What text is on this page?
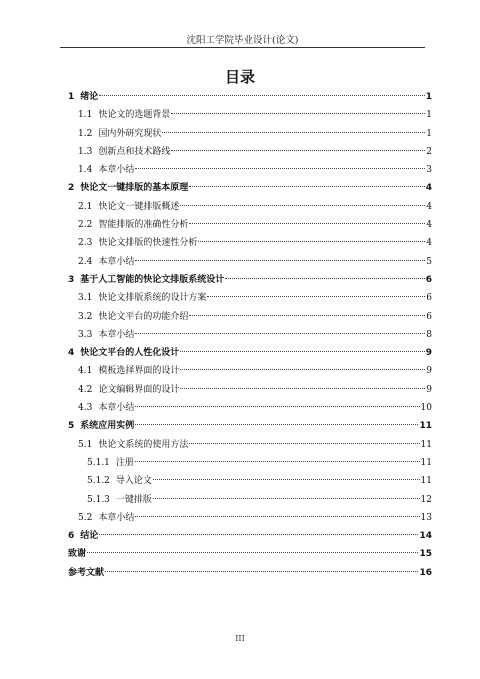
沈阳工学院毕业设计(论文)
目录
1 绪论	1
1.1 快论文的选题背景	1
1.2 国内外研究现状	1
1.3 创新点和技术路线	2
1.4 本章小结	3
2 快论文一键排版的基本原理	4
2.1 快论文一键排版概述	4
2.2 智能排版的准确性分析	4
2.3 快论文排版的快速性分析	4
2.4 本章小结	5
3 基于人工智能的快论文排版系统设计	6
3.1 快论文排版系统的设计方案	6
3.2 快论文平台的功能介绍	6
3.3 本章小结	8
4 快论文平台的人性化设计	9
4.1 模板选择界面的设计	9
4.2 论文编辑界面的设计	9
4.3 本章小结	10
5 系统应用实例	11
5.1 快论文系统的使用方法	11
5.1.1 注册	11
5.1.2 导入论文	11
5.1.3 一键排版	12
5.2 本章小结	13
6 结论	14
致谢	15
参考文献	16
III
